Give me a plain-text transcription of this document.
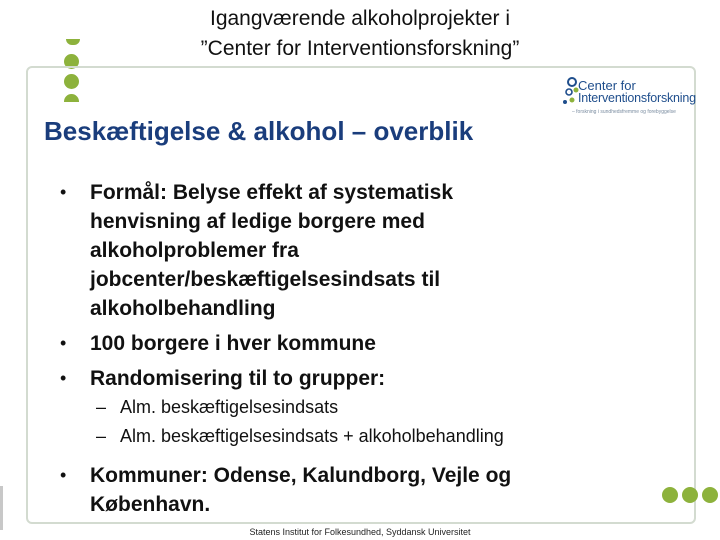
Igangværende alkoholprojekter i
”Center for Interventionsforskning”
Center for
Interventionsforskning
– forskning i sundhedsfremme og forebyggelse
Beskæftigelse & alkohol – overblik
• Formål: Belyse effekt af systematisk
henvisning af ledige borgere med
alkoholproblemer fra
jobcenter/beskæftigelsesindsats til
alkoholbehandling
• 100 borgere i hver kommune
• Randomisering til to grupper:
– Alm. beskæftigelsesindsats
– Alm. beskæftigelsesindsats + alkoholbehandling
• Kommuner: Odense, Kalundborg, Vejle og
København.
Statens Institut for Folkesundhed, Syddansk Universitet
